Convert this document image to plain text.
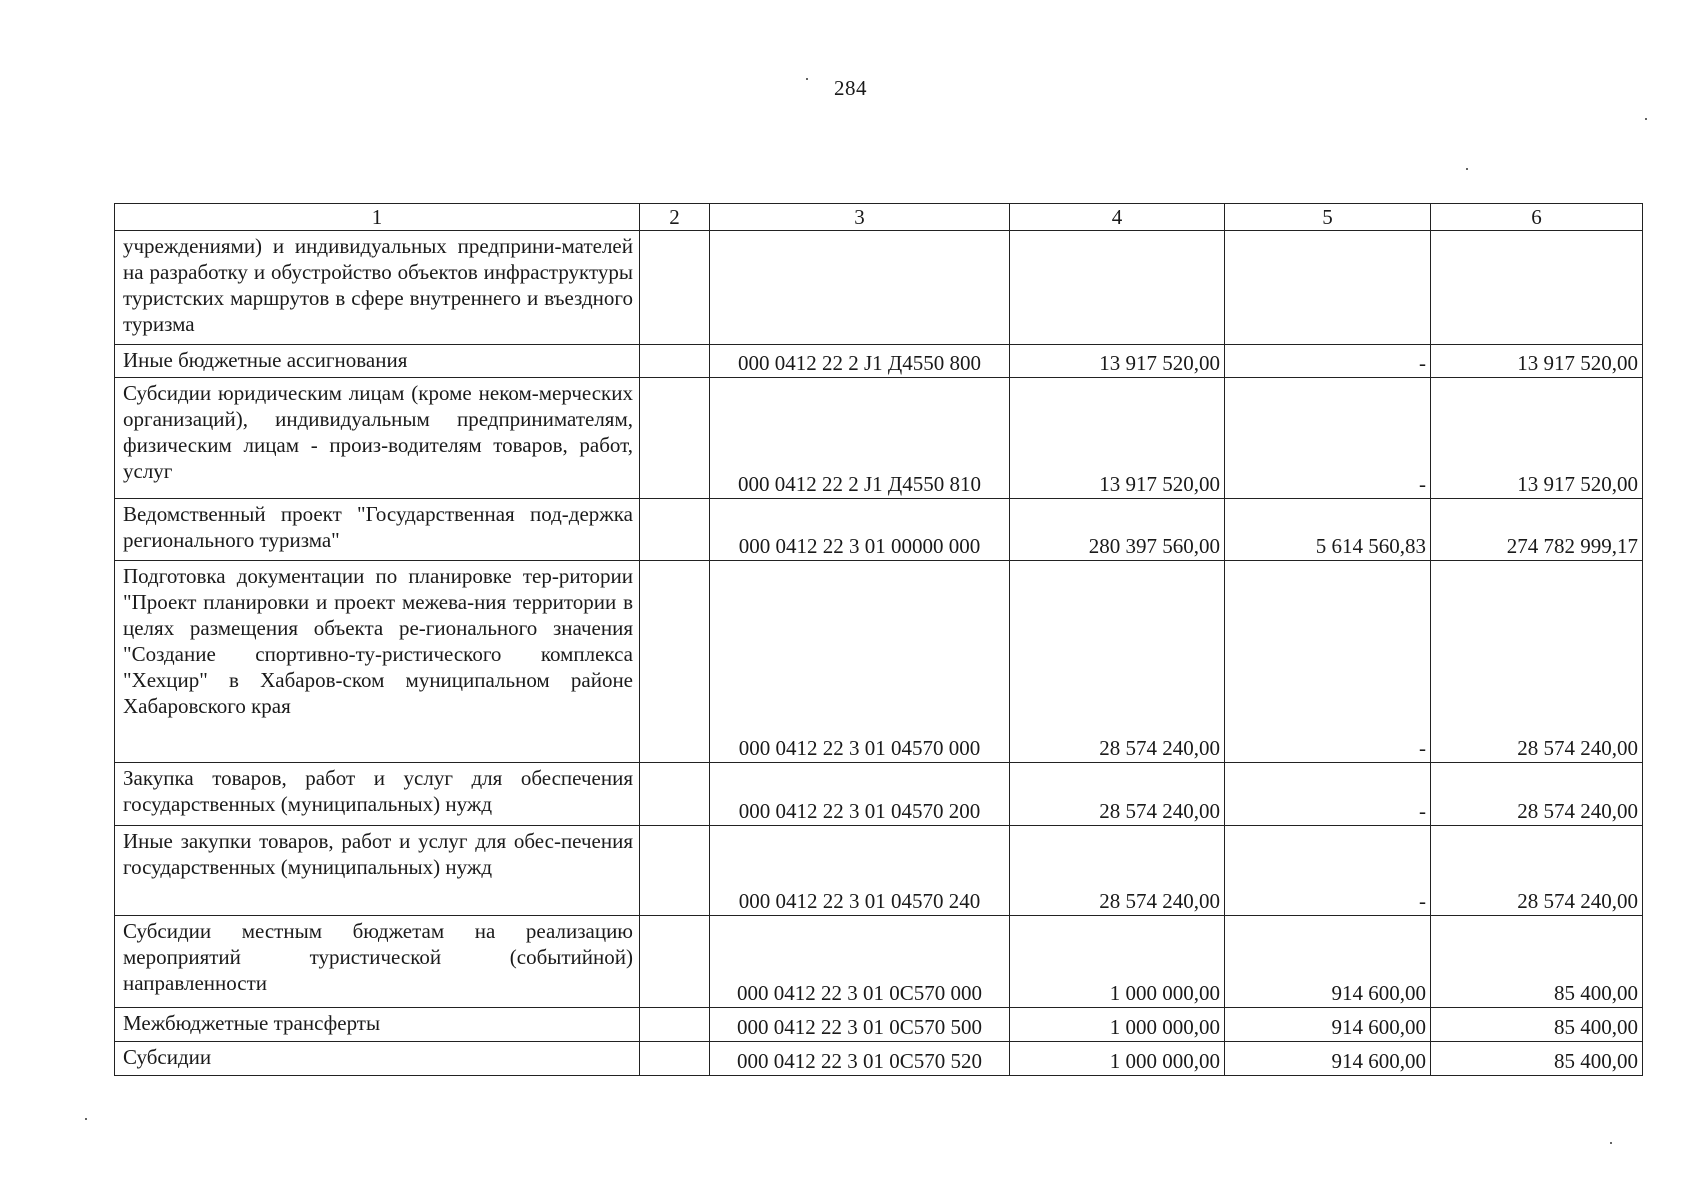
284
1	2	3	4	5	6
учреждениями) и индивидуальных предприни-мателей на разработку и обустройство объектов инфраструктуры туристских маршрутов в сфере внутреннего и въездного туризма					
Иные бюджетные ассигнования		000 0412 22 2 J1 Д4550 800	13 917 520,00	-	13 917 520,00
Субсидии юридическим лицам (кроме неком-мерческих организаций), индивидуальным предпринимателям, физическим лицам - произ-водителям товаров, работ, услуг		000 0412 22 2 J1 Д4550 810	13 917 520,00	-	13 917 520,00
Ведомственный проект "Государственная под-держка регионального туризма"		000 0412 22 3 01 00000 000	280 397 560,00	5 614 560,83	274 782 999,17
Подготовка документации по планировке тер-ритории "Проект планировки и проект межева-ния территории в целях размещения объекта ре-гионального значения "Создание спортивно-ту-ристического комплекса "Хехцир" в Хабаров-ском муниципальном районе Хабаровского края		000 0412 22 3 01 04570 000	28 574 240,00	-	28 574 240,00
Закупка товаров, работ и услуг для обеспечения государственных (муниципальных) нужд		000 0412 22 3 01 04570 200	28 574 240,00	-	28 574 240,00
Иные закупки товаров, работ и услуг для обес-печения государственных (муниципальных) нужд		000 0412 22 3 01 04570 240	28 574 240,00	-	28 574 240,00
Субсидии местным бюджетам на реализацию мероприятий туристической (событийной) направленности		000 0412 22 3 01 0С570 000	1 000 000,00	914 600,00	85 400,00
Межбюджетные трансферты		000 0412 22 3 01 0С570 500	1 000 000,00	914 600,00	85 400,00
Субсидии		000 0412 22 3 01 0С570 520	1 000 000,00	914 600,00	85 400,00
